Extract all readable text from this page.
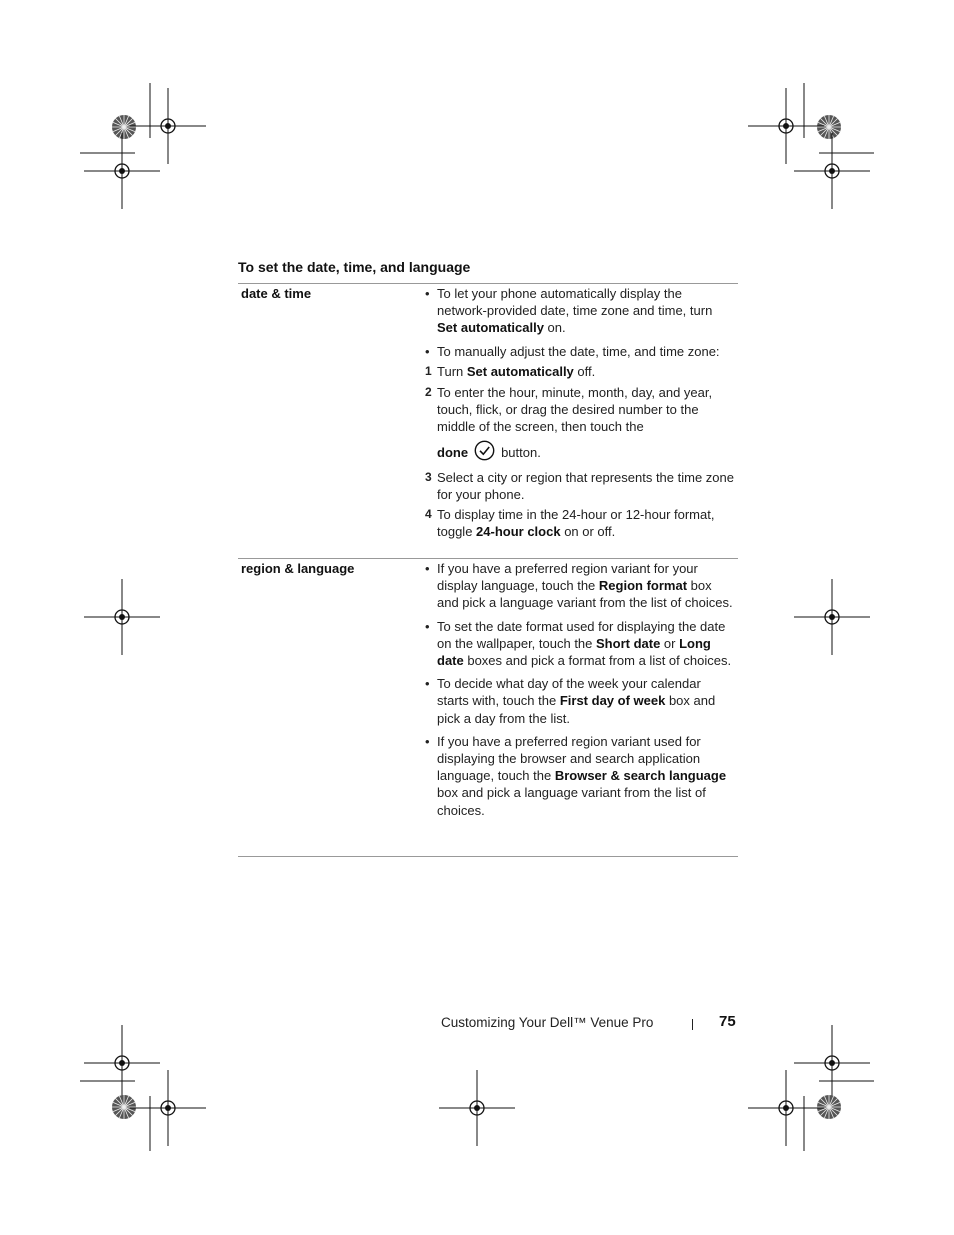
To set the date, time, and language
date & time	• To let your phone automatically display the network-provided date, time zone and time, turn Set automatically on.

• To manually adjust the date, time, and time zone:

1 Turn Set automatically off.

2 To enter the hour, minute, month, day, and year, touch, flick, or drag the desired number to the middle of the screen, then touch the

done	button.

3 Select a city or region that represents the time zone for your phone.

4 To display time in the 24-hour or 12-hour format, toggle 24-hour clock on or off.

region & language	• If you have a preferred region variant for your display language, touch the Region format box and pick a language variant from the list of choices.

• To set the date format used for displaying the date on the wallpaper, touch the Short date or Long date boxes and pick a format from a list of choices.

• To decide what day of the week your calendar starts with, touch the First day of week box and pick a day from the list.

• If you have a preferred region variant used for displaying the browser and search application language, touch the Browser & search language box and pick a language variant from the list of choices.

Customizing Your Dell™ Venue Pro	75
